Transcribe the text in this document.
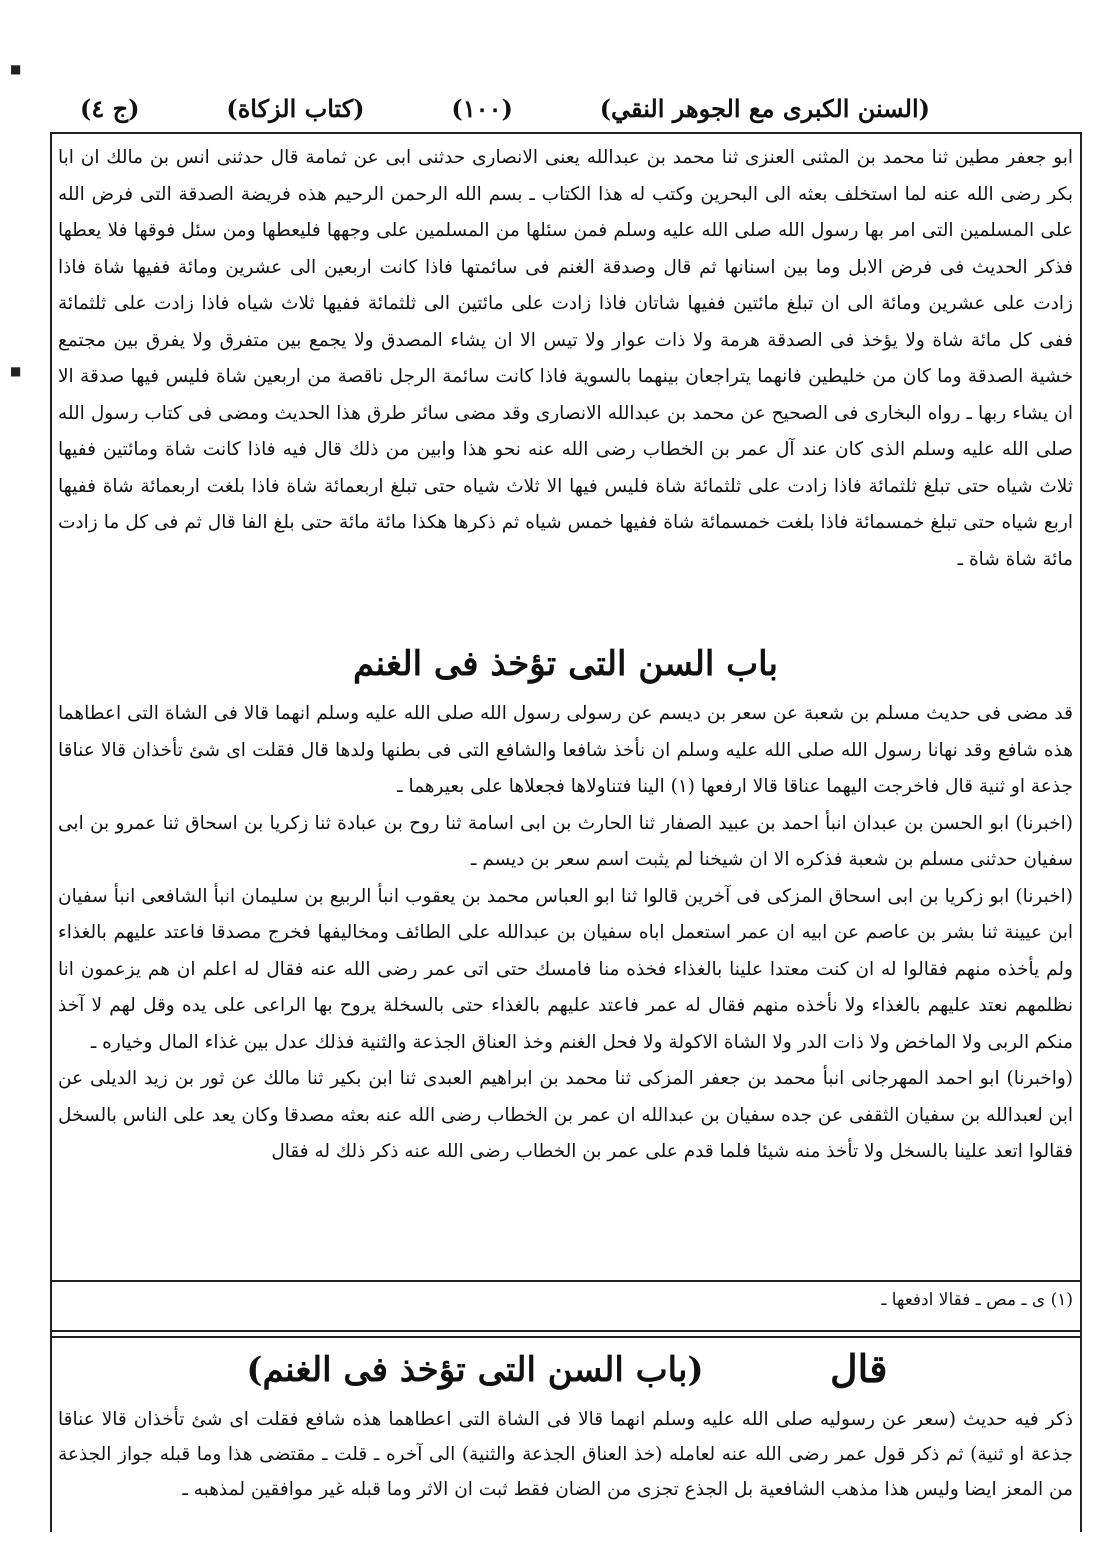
■
■
(السنن الكبرى مع الجوهر النقي)
(١٠٠)
(كتاب الزكاة)
(ج ٤)

ابو جعفر مطين ثنا محمد بن المثنى العنزى ثنا محمد بن عبدالله يعنى الانصارى حدثنى ابى عن ثمامة قال حدثنى انس بن مالك ان ابا بكر رضى الله عنه لما استخلف بعثه الى البحرين وكتب له هذا الكتاب ـ بسم الله الرحمن الرحيم هذه فريضة الصدقة التى فرض الله على المسلمين التى امر بها رسول الله صلى الله عليه وسلم فمن سئلها من المسلمين على وجهها فليعطها ومن سئل فوقها فلا يعطها فذكر الحديث فى فرض الابل وما بين اسنانها ثم قال وصدقة الغنم فى سائمتها فاذا كانت اربعين الى عشرين ومائة ففيها شاة فاذا زادت على عشرين ومائة الى ان تبلغ مائتين ففيها شاتان فاذا زادت على مائتين الى ثلثمائة ففيها ثلاث شياه فاذا زادت على ثلثمائة ففى كل مائة شاة ولا يؤخذ فى الصدقة هرمة ولا ذات عوار ولا تيس الا ان يشاء المصدق ولا يجمع بين متفرق ولا يفرق بين مجتمع خشية الصدقة وما كان من خليطين فانهما يتراجعان بينهما بالسوية فاذا كانت سائمة الرجل ناقصة من اربعين شاة فليس فيها صدقة الا ان يشاء ربها ـ رواه البخارى فى الصحيح عن محمد بن عبدالله الانصارى وقد مضى سائر طرق هذا الحديث ومضى فى كتاب رسول الله صلى الله عليه وسلم الذى كان عند آل عمر بن الخطاب رضى الله عنه نحو هذا وابين من ذلك قال فيه فاذا كانت شاة ومائتين ففيها ثلاث شياه حتى تبلغ ثلثمائة فاذا زادت على ثلثمائة شاة فليس فيها الا ثلاث شياه حتى تبلغ اربعمائة شاة فاذا بلغت اربعمائة شاة ففيها اربع شياه حتى تبلغ خمسمائة فاذا بلغت خمسمائة شاة ففيها خمس شياه ثم ذكرها هكذا مائة مائة حتى بلغ الفا قال ثم فى كل ما زادت مائة شاة شاة ـ

باب السن التى تؤخذ فى الغنم

قد مضى فى حديث مسلم بن شعبة عن سعر بن ديسم عن رسولى رسول الله صلى الله عليه وسلم انهما قالا فى الشاة التى اعطاهما هذه شافع وقد نهانا رسول الله صلى الله عليه وسلم ان نأخذ شافعا والشافع التى فى بطنها ولدها قال فقلت اى شئ تأخذان قالا عناقا جذعة او ثنية قال فاخرجت اليهما عناقا قالا ارفعها (١) الينا فتناولاها فجعلاها على بعيرهما ـ

(اخبرنا) ابو الحسن بن عبدان انبأ احمد بن عبيد الصفار ثنا الحارث بن ابى اسامة ثنا روح بن عبادة ثنا زكريا بن اسحاق ثنا عمرو بن ابى سفيان حدثنى مسلم بن شعبة فذكره الا ان شيخنا لم يثبت اسم سعر بن ديسم ـ

(اخبرنا) ابو زكريا بن ابى اسحاق المزكى فى آخرين قالوا ثنا ابو العباس محمد بن يعقوب انبأ الربيع بن سليمان انبأ الشافعى انبأ سفيان ابن عيينة ثنا بشر بن عاصم عن ابيه ان عمر استعمل اباه سفيان بن عبدالله على الطائف ومخاليفها فخرج مصدقا فاعتد عليهم بالغذاء ولم يأخذه منهم فقالوا له ان كنت معتدا علينا بالغذاء فخذه منا فامسك حتى اتى عمر رضى الله عنه فقال له اعلم ان هم يزعمون انا نظلمهم نعتد عليهم بالغذاء ولا نأخذه منهم فقال له عمر فاعتد عليهم بالغذاء حتى بالسخلة يروح بها الراعى على يده وقل لهم لا آخذ منكم الربى ولا الماخض ولا ذات الدر ولا الشاة الاكولة ولا فحل الغنم وخذ العناق الجذعة والثنية فذلك عدل بين غذاء المال وخياره ـ

(واخبرنا) ابو احمد المهرجانى انبأ محمد بن جعفر المزكى ثنا محمد بن ابراهيم العبدى ثنا ابن بكير ثنا مالك عن ثور بن زيد الديلى عن ابن لعبدالله بن سفيان الثقفى عن جده سفيان بن عبدالله ان عمر بن الخطاب رضى الله عنه بعثه مصدقا وكان يعد على الناس بالسخل فقالوا اتعد علينا بالسخل ولا تأخذ منه شيئا فلما قدم على عمر بن الخطاب رضى الله عنه ذكر ذلك له فقال

(١) ى ـ مص ـ فقالا ادفعها ـ
قال
(باب السن التى تؤخذ فى الغنم)

ذكر فيه حديث (سعر عن رسوليه صلى الله عليه وسلم انهما قالا فى الشاة التى اعطاهما هذه شافع فقلت اى شئ تأخذان قالا عناقا جذعة او ثنية) ثم ذكر قول عمر رضى الله عنه لعامله (خذ العناق الجذعة والثنية) الى آخره ـ قلت ـ مقتضى هذا وما قبله جواز الجذعة من المعز ايضا وليس هذا مذهب الشافعية بل الجذع تجزى من الضان فقط ثبت ان الاثر وما قبله غير موافقين لمذهبه ـ
